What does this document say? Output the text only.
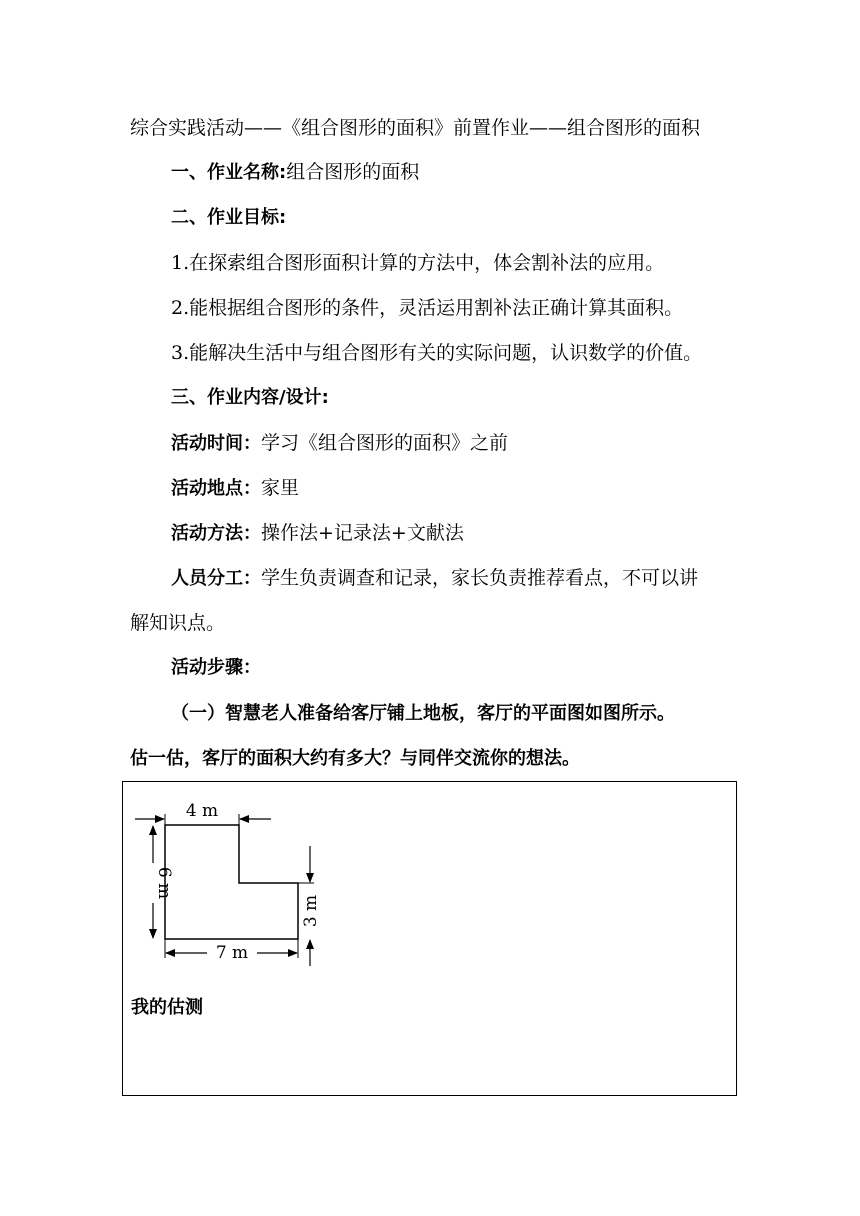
综合实践活动——《组合图形的面积》前置作业——组合图形的面积
一、作业名称:组合图形的面积
二、作业目标:
1.在探索组合图形面积计算的方法中，体会割补法的应用。
2.能根据组合图形的条件，灵活运用割补法正确计算其面积。
3.能解决生活中与组合图形有关的实际问题，认识数学的价值。
三、作业内容/设计:
活动时间：学习《组合图形的面积》之前
活动地点：家里
活动方法：操作法+记录法+文献法
人员分工：学生负责调查和记录，家长负责推荐看点，不可以讲
解知识点。
活动步骤：
（一）智慧老人准备给客厅铺上地板，客厅的平面图如图所示。
估一估，客厅的面积大约有多大？与同伴交流你的想法。
4 m
6 m
7 m
3 m
我的估测
